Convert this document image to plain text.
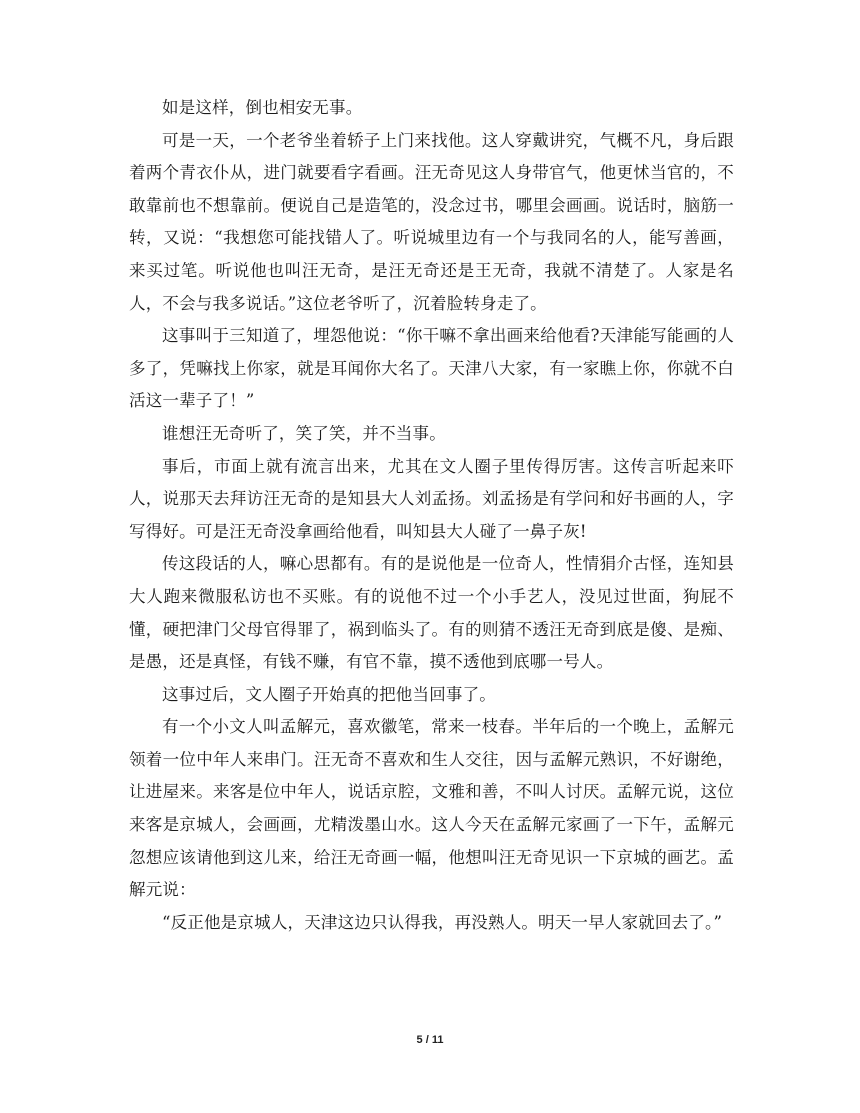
如是这样，倒也相安无事。

可是一天，一个老爷坐着轿子上门来找他。这人穿戴讲究，气概不凡，身后跟着两个青衣仆从，进门就要看字看画。汪无奇见这人身带官气，他更怵当官的，不敢靠前也不想靠前。便说自己是造笔的，没念过书，哪里会画画。说话时，脑筋一转，又说：“我想您可能找错人了。听说城里边有一个与我同名的人，能写善画，来买过笔。听说他也叫汪无奇，是汪无奇还是王无奇，我就不清楚了。人家是名人，不会与我多说话。”这位老爷听了，沉着脸转身走了。

这事叫于三知道了，埋怨他说：“你干嘛不拿出画来给他看?天津能写能画的人多了，凭嘛找上你家，就是耳闻你大名了。天津八大家，有一家瞧上你，你就不白活这一辈子了！”

谁想汪无奇听了，笑了笑，并不当事。

事后，市面上就有流言出来，尤其在文人圈子里传得厉害。这传言听起来吓人，说那天去拜访汪无奇的是知县大人刘孟扬。刘孟扬是有学问和好书画的人，字写得好。可是汪无奇没拿画给他看，叫知县大人碰了一鼻子灰!

传这段话的人，嘛心思都有。有的是说他是一位奇人，性情狷介古怪，连知县大人跑来微服私访也不买账。有的说他不过一个小手艺人，没见过世面，狗屁不懂，硬把津门父母官得罪了，祸到临头了。有的则猜不透汪无奇到底是傻、是痴、是愚，还是真怪，有钱不赚，有官不靠，摸不透他到底哪一号人。

这事过后，文人圈子开始真的把他当回事了。

有一个小文人叫孟解元，喜欢徽笔，常来一枝春。半年后的一个晚上，孟解元领着一位中年人来串门。汪无奇不喜欢和生人交往，因与孟解元熟识，不好谢绝，让进屋来。来客是位中年人，说话京腔，文雅和善，不叫人讨厌。孟解元说，这位来客是京城人，会画画，尤精泼墨山水。这人今天在孟解元家画了一下午，孟解元忽想应该请他到这儿来，给汪无奇画一幅，他想叫汪无奇见识一下京城的画艺。孟解元说：

“反正他是京城人，天津这边只认得我，再没熟人。明天一早人家就回去了。”

5 / 11
